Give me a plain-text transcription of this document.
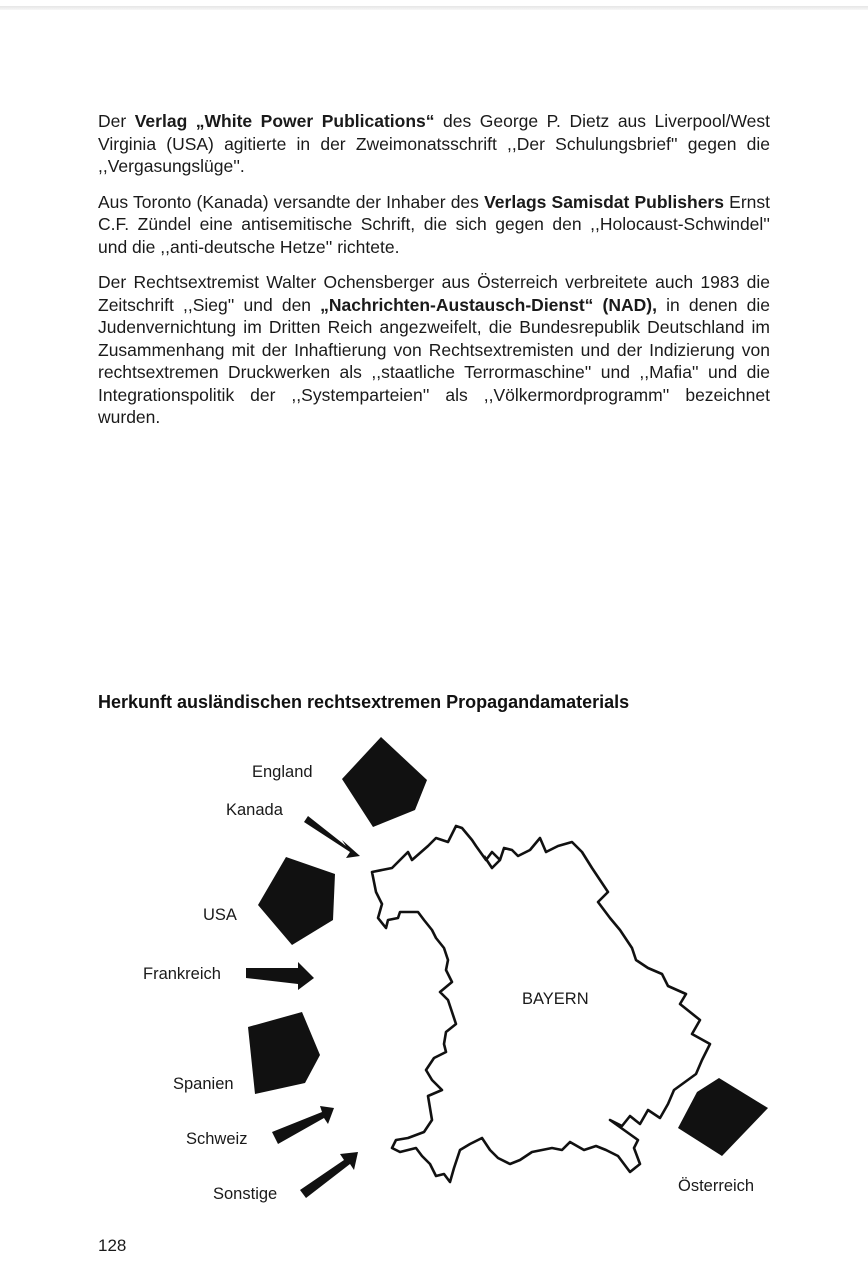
Der Verlag „White Power Publications“ des George P. Dietz aus Liverpool/West Virginia (USA) agitierte in der Zweimonatsschrift ,,Der Schulungsbrief'' gegen die ,,Vergasungslüge''.

Aus Toronto (Kanada) versandte der Inhaber des Verlags Samisdat Publishers Ernst C.F. Zündel eine antisemitische Schrift, die sich gegen den ,,Holocaust-Schwindel'' und die ,,anti-deutsche Hetze'' richtete.

Der Rechtsextremist Walter Ochensberger aus Österreich verbreitete auch 1983 die Zeitschrift ,,Sieg'' und den „Nachrichten-Austausch-Dienst“ (NAD), in denen die Judenvernichtung im Dritten Reich angezweifelt, die Bundesrepublik Deutschland im Zusammenhang mit der Inhaftierung von Rechtsextremisten und der Indizierung von rechtsextremen Druckwerken als ,,staatliche Terrormaschine'' und ,,Mafia'' und die Integrationspolitik der ,,Systemparteien'' als ,,Völkermordprogramm'' bezeichnet wurden.

Herkunft ausländischen rechtsextremen Propagandamaterials
England
Kanada
USA
Frankreich
Spanien
Schweiz
Sonstige
BAYERN
Österreich
128
